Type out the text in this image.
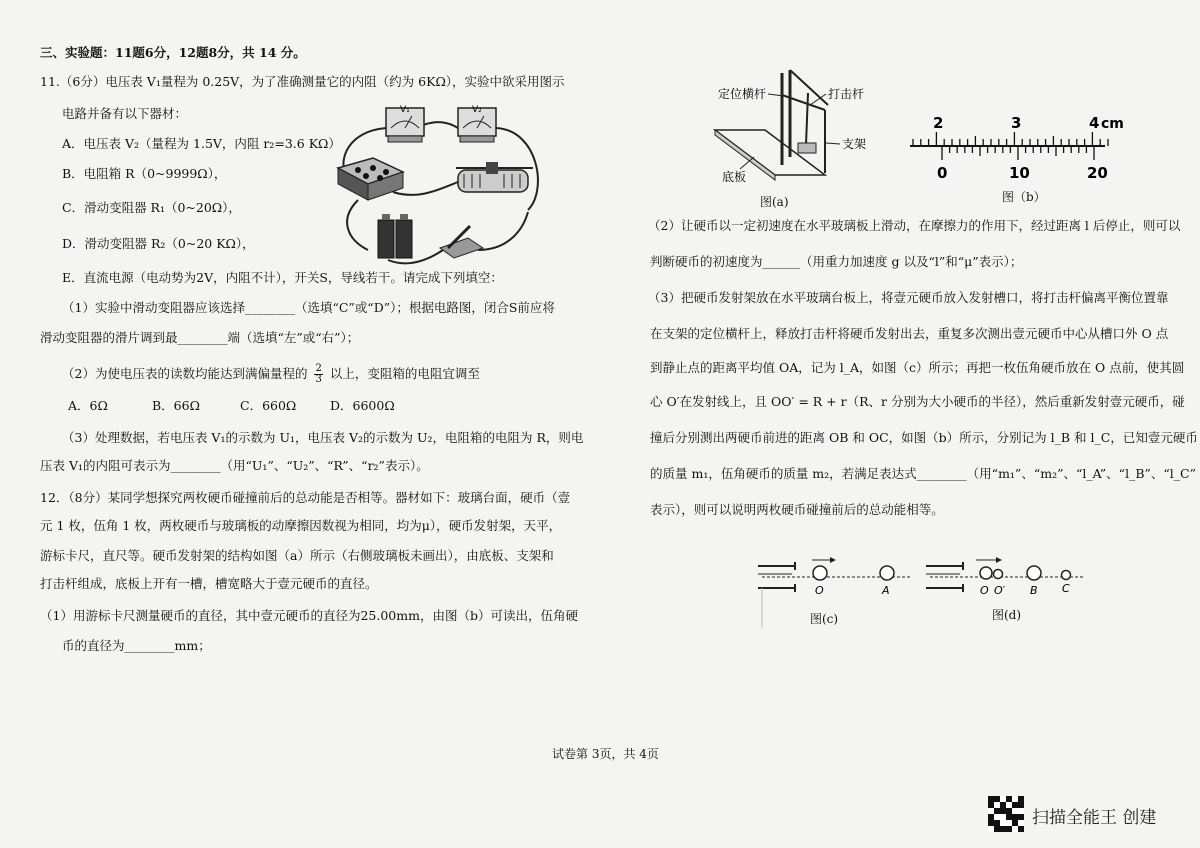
三、实验题：11题6分，12题8分，共 14 分。
11.（6分）电压表 V₁量程为 0.25V，为了准确测量它的内阻（约为 6KΩ），实验中欲采用图示
电路并备有以下器材：
A．电压表 V₂（量程为 1.5V，内阻 r₂=3.6 KΩ）
B．电阻箱 R（0~9999Ω），
C．滑动变阻器 R₁（0~20Ω），
D．滑动变阻器 R₂（0~20 KΩ），
E．直流电源（电动势为2V，内阻不计），开关S，导线若干。请完成下列填空：
（1）实验中滑动变阻器应该选择________（选填“C”或“D”）；根据电路图，闭合S前应将
滑动变阻器的滑片调到最________端（选填“左”或“右”）；
（2）为使电压表的读数均能达到满偏量程的 $\frac{2}{3}$ 以上，变阻箱的电阻宜调至
A．6Ω	B．66Ω	C．660Ω	D．6600Ω
（3）处理数据，若电压表 V₁的示数为 U₁，电压表 V₂的示数为 U₂，电阻箱的电阻为 R，则电
压表 V₁的内阻可表示为________（用“U₁”、“U₂”、“R”、“r₂”表示）。
12．（8分）某同学想探究两枚硬币碰撞前后的总动能是否相等。器材如下：玻璃台面，硬币（壹
元 1 枚，伍角 1 枚，两枚硬币与玻璃板的动摩擦因数视为相同，均为μ），硬币发射架，天平，
游标卡尺，直尺等。硬币发射架的结构如图（a）所示（右侧玻璃板未画出），由底板、支架和
打击杆组成，底板上开有一槽，槽宽略大于壹元硬币的直径。
（1）用游标卡尺测量硬币的直径，其中壹元硬币的直径为25.00mm，由图（b）可读出，伍角硬
币的直径为________mm；
V₁	V₂
定位横杆	打击杆
支架
底板
图(a)
2	3	4 cm
0	10	20
图（b）
（2）让硬币以一定初速度在水平玻璃板上滑动，在摩擦力的作用下，经过距离 l 后停止，则可以
判断硬币的初速度为______（用重力加速度 g 以及“l”和“μ”表示）；
（3）把硬币发射架放在水平玻璃台板上，将壹元硬币放入发射槽口，将打击杆偏离平衡位置靠
在支架的定位横杆上，释放打击杆将硬币发射出去，重复多次测出壹元硬币中心从槽口外 O 点
到静止点的距离平均值 OA，记为 l_A，如图（c）所示；再把一枚伍角硬币放在 O 点前，使其圆
心 O′在发射线上，且 OO′ = R + r（R、r 分别为大小硬币的半径），然后重新发射壹元硬币，碰
撞后分别测出两硬币前进的距离 OB 和 OC，如图（b）所示，分别记为 l_B 和 l_C，已知壹元硬币
的质量 m₁，伍角硬币的质量 m₂，若满足表达式________（用“m₁”、“m₂”、“l_A”、“l_B”、“l_C”
表示），则可以说明两枚硬币碰撞前后的总动能相等。
O	A
图(c)
O O′ B C
图(d)
试卷第 3页，共 4页
扫描全能王 创建
